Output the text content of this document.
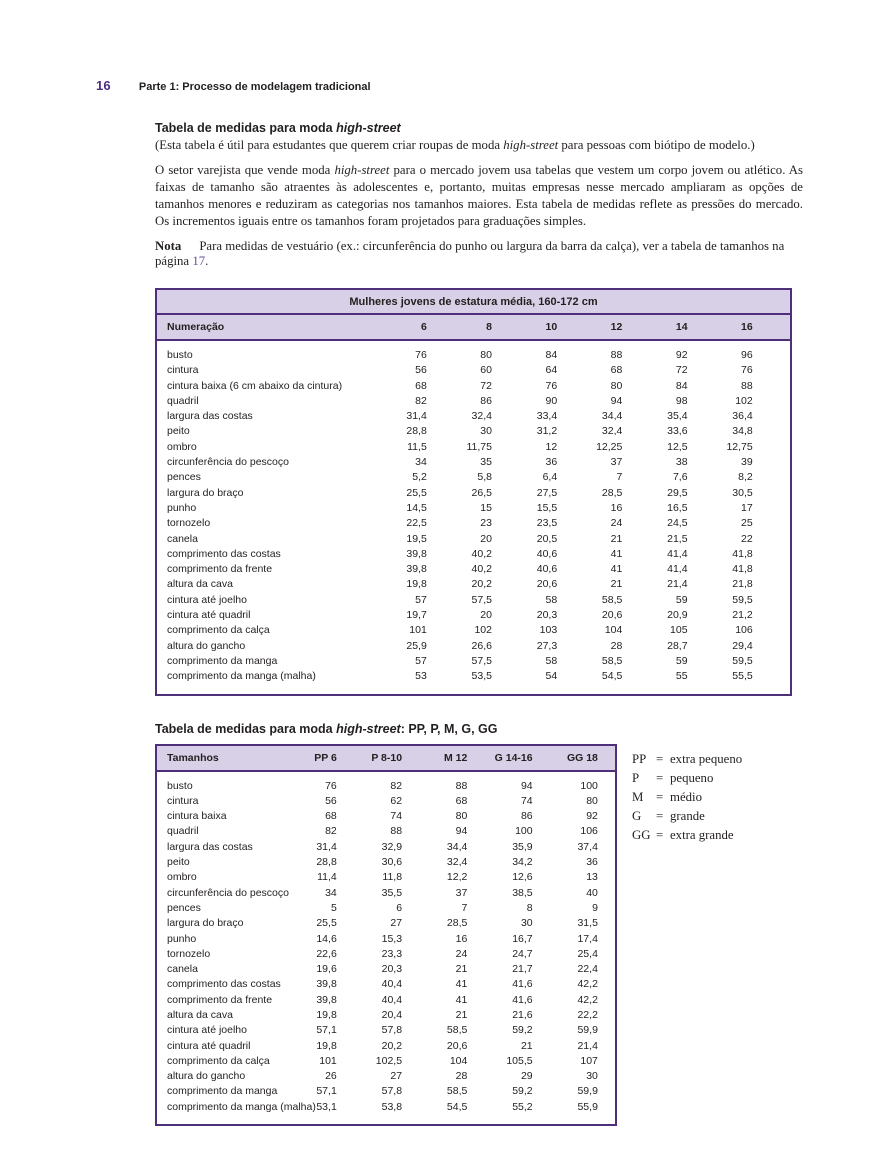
16	Parte 1: Processo de modelagem tradicional
Tabela de medidas para moda high-street
(Esta tabela é útil para estudantes que querem criar roupas de moda high-street para pessoas com biótipo de modelo.)
O setor varejista que vende moda high-street para o mercado jovem usa tabelas que vestem um corpo jovem ou atlético. As faixas de tamanho são atraentes às adolescentes e, portanto, muitas empresas nesse mercado ampliaram as opções de tamanhos menores e reduziram as categorias nos tamanhos maiores. Esta tabela de medidas reflete as pressões do mercado. Os incrementos iguais entre os tamanhos foram projetados para graduações simples.
Nota Para medidas de vestuário (ex.: circunferência do punho ou largura da barra da calça), ver a tabela de tamanhos na página 17.
Mulheres jovens de estatura média, 160-172 cm							
Numeração	6	8	10	12	14	16	
busto	76	80	84	88	92	96	
cintura	56	60	64	68	72	76	
cintura baixa (6 cm abaixo da cintura)	68	72	76	80	84	88	
quadril	82	86	90	94	98	102	
largura das costas	31,4	32,4	33,4	34,4	35,4	36,4	
peito	28,8	30	31,2	32,4	33,6	34,8	
ombro	11,5	11,75	12	12,25	12,5	12,75	
circunferência do pescoço	34	35	36	37	38	39	
pences	5,2	5,8	6,4	7	7,6	8,2	
largura do braço	25,5	26,5	27,5	28,5	29,5	30,5	
punho	14,5	15	15,5	16	16,5	17	
tornozelo	22,5	23	23,5	24	24,5	25	
canela	19,5	20	20,5	21	21,5	22	
comprimento das costas	39,8	40,2	40,6	41	41,4	41,8	
comprimento da frente	39,8	40,2	40,6	41	41,4	41,8	
altura da cava	19,8	20,2	20,6	21	21,4	21,8	
cintura até joelho	57	57,5	58	58,5	59	59,5	
cintura até quadril	19,7	20	20,3	20,6	20,9	21,2	
comprimento da calça	101	102	103	104	105	106	
altura do gancho	25,9	26,6	27,3	28	28,7	29,4	
comprimento da manga	57	57,5	58	58,5	59	59,5	
comprimento da manga (malha)	53	53,5	54	54,5	55	55,5	
Tabela de medidas para moda high-street: PP, P, M, G, GG
Tamanhos	PP 6	P 8-10	M 12	G 14-16	GG 18	
busto	76	82	88	94	100	
cintura	56	62	68	74	80	
cintura baixa	68	74	80	86	92	
quadril	82	88	94	100	106	
largura das costas	31,4	32,9	34,4	35,9	37,4	
peito	28,8	30,6	32,4	34,2	36	
ombro	11,4	11,8	12,2	12,6	13	
circunferência do pescoço	34	35,5	37	38,5	40	
pences	5	6	7	8	9	
largura do braço	25,5	27	28,5	30	31,5	
punho	14,6	15,3	16	16,7	17,4	
tornozelo	22,6	23,3	24	24,7	25,4	
canela	19,6	20,3	21	21,7	22,4	
comprimento das costas	39,8	40,4	41	41,6	42,2	
comprimento da frente	39,8	40,4	41	41,6	42,2	
altura da cava	19,8	20,4	21	21,6	22,2	
cintura até joelho	57,1	57,8	58,5	59,2	59,9	
cintura até quadril	19,8	20,2	20,6	21	21,4	
comprimento da calça	101	102,5	104	105,5	107	
altura do gancho	26	27	28	29	30	
comprimento da manga	57,1	57,8	58,5	59,2	59,9	
comprimento da manga (malha)	53,1	53,8	54,5	55,2	55,9	
PP = extra pequeno
P	= pequeno
M = médio
G	= grande
GG = extra grande
